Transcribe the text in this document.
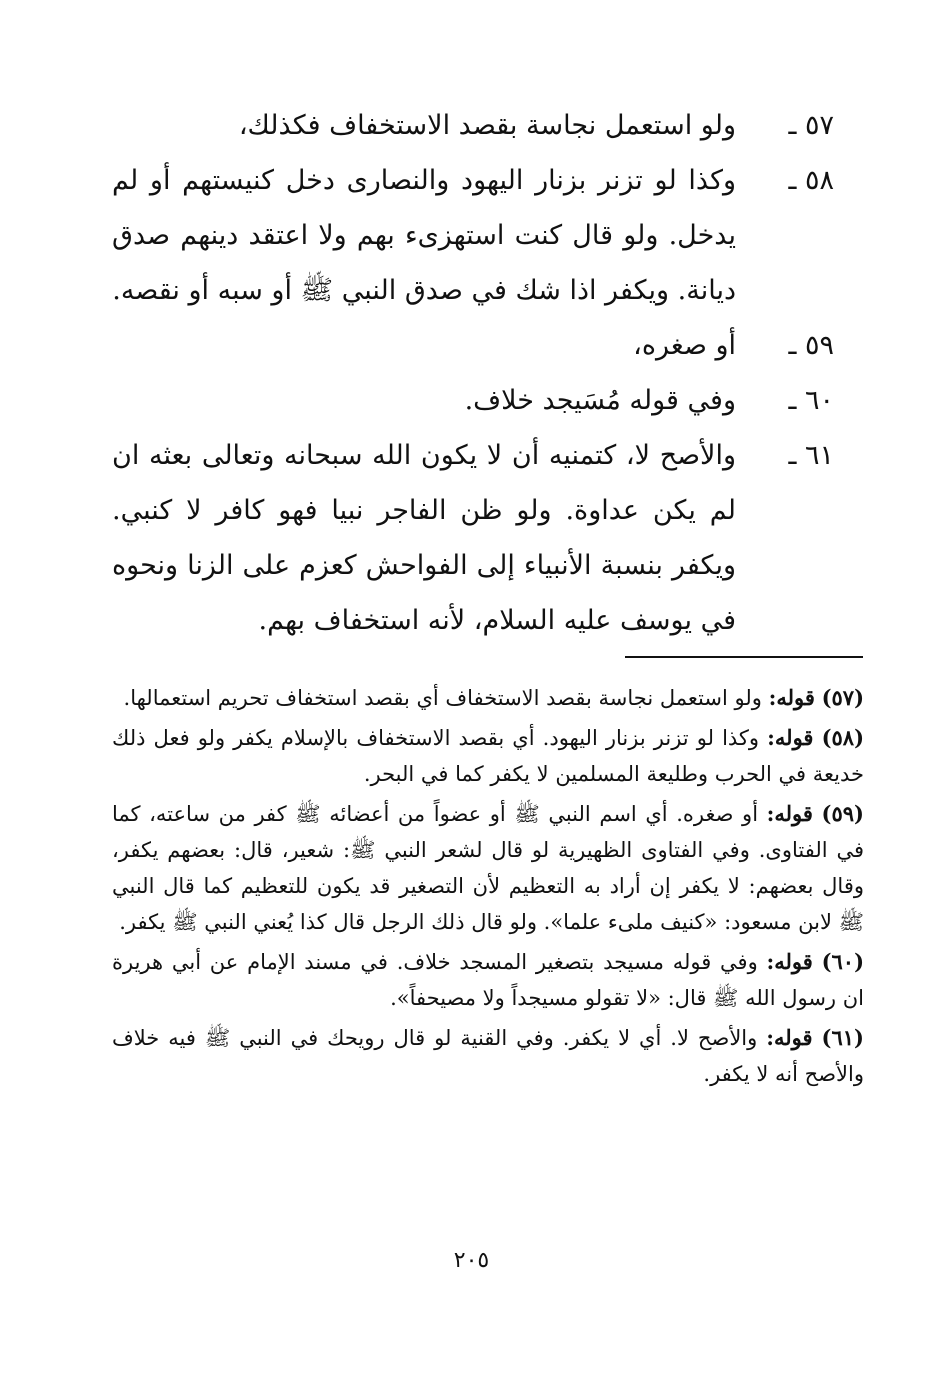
٥٧ ـ
ولو استعمل نجاسة بقصد الاستخفاف فكذلك،
٥٨ ـ
وكذا لو تزنر بزنار اليهود والنصارى دخل كنيستهم أو لم يدخل. ولو قال كنت استهزىء بهم ولا اعتقد دينهم صدق ديانة. ويكفر اذا شك في صدق النبي ﷺ أو سبه أو نقصه.
٥٩ ـ
أو صغره،
٦٠ ـ
وفي قوله مُسَيجد خلاف.
٦١ ـ
والأصح لا، كتمنيه أن لا يكون الله سبحانه وتعالى بعثه ان لم يكن عداوة. ولو ظن الفاجر نبيا فهو كافر لا كنبي. ويكفر بنسبة الأنبياء إلى الفواحش كعزم على الزنا ونحوه في يوسف عليه السلام، لأنه استخفاف بهم.

(٥٧) قوله: ولو استعمل نجاسة بقصد الاستخفاف أي بقصد استخفاف تحريم استعمالها.

(٥٨) قوله: وكذا لو تزنر بزنار اليهود. أي بقصد الاستخفاف بالإسلام يكفر ولو فعل ذلك خديعة في الحرب وطليعة المسلمين لا يكفر كما في البحر.

(٥٩) قوله: أو صغره. أي اسم النبي ﷺ أو عضواً من أعضائه ﷺ كفر من ساعته، كما في الفتاوى. وفي الفتاوى الظهيرية لو قال لشعر النبي ﷺ: شعير، قال: بعضهم يكفر، وقال بعضهم: لا يكفر إن أراد به التعظيم لأن التصغير قد يكون للتعظيم كما قال النبي ﷺ لابن مسعود: «كنيف ملىء علما». ولو قال ذلك الرجل قال كذا يُعني النبي ﷺ يكفر.

(٦٠) قوله: وفي قوله مسيجد بتصغير المسجد خلاف. في مسند الإمام عن أبي هريرة ان رسول الله ﷺ قال: «لا تقولو مسيجداً ولا مصيحفاً».

(٦١) قوله: والأصح لا. أي لا يكفر. وفي القنية لو قال رويحك في النبي ﷺ فيه خلاف والأصح أنه لا يكفر.

٢٠٥
